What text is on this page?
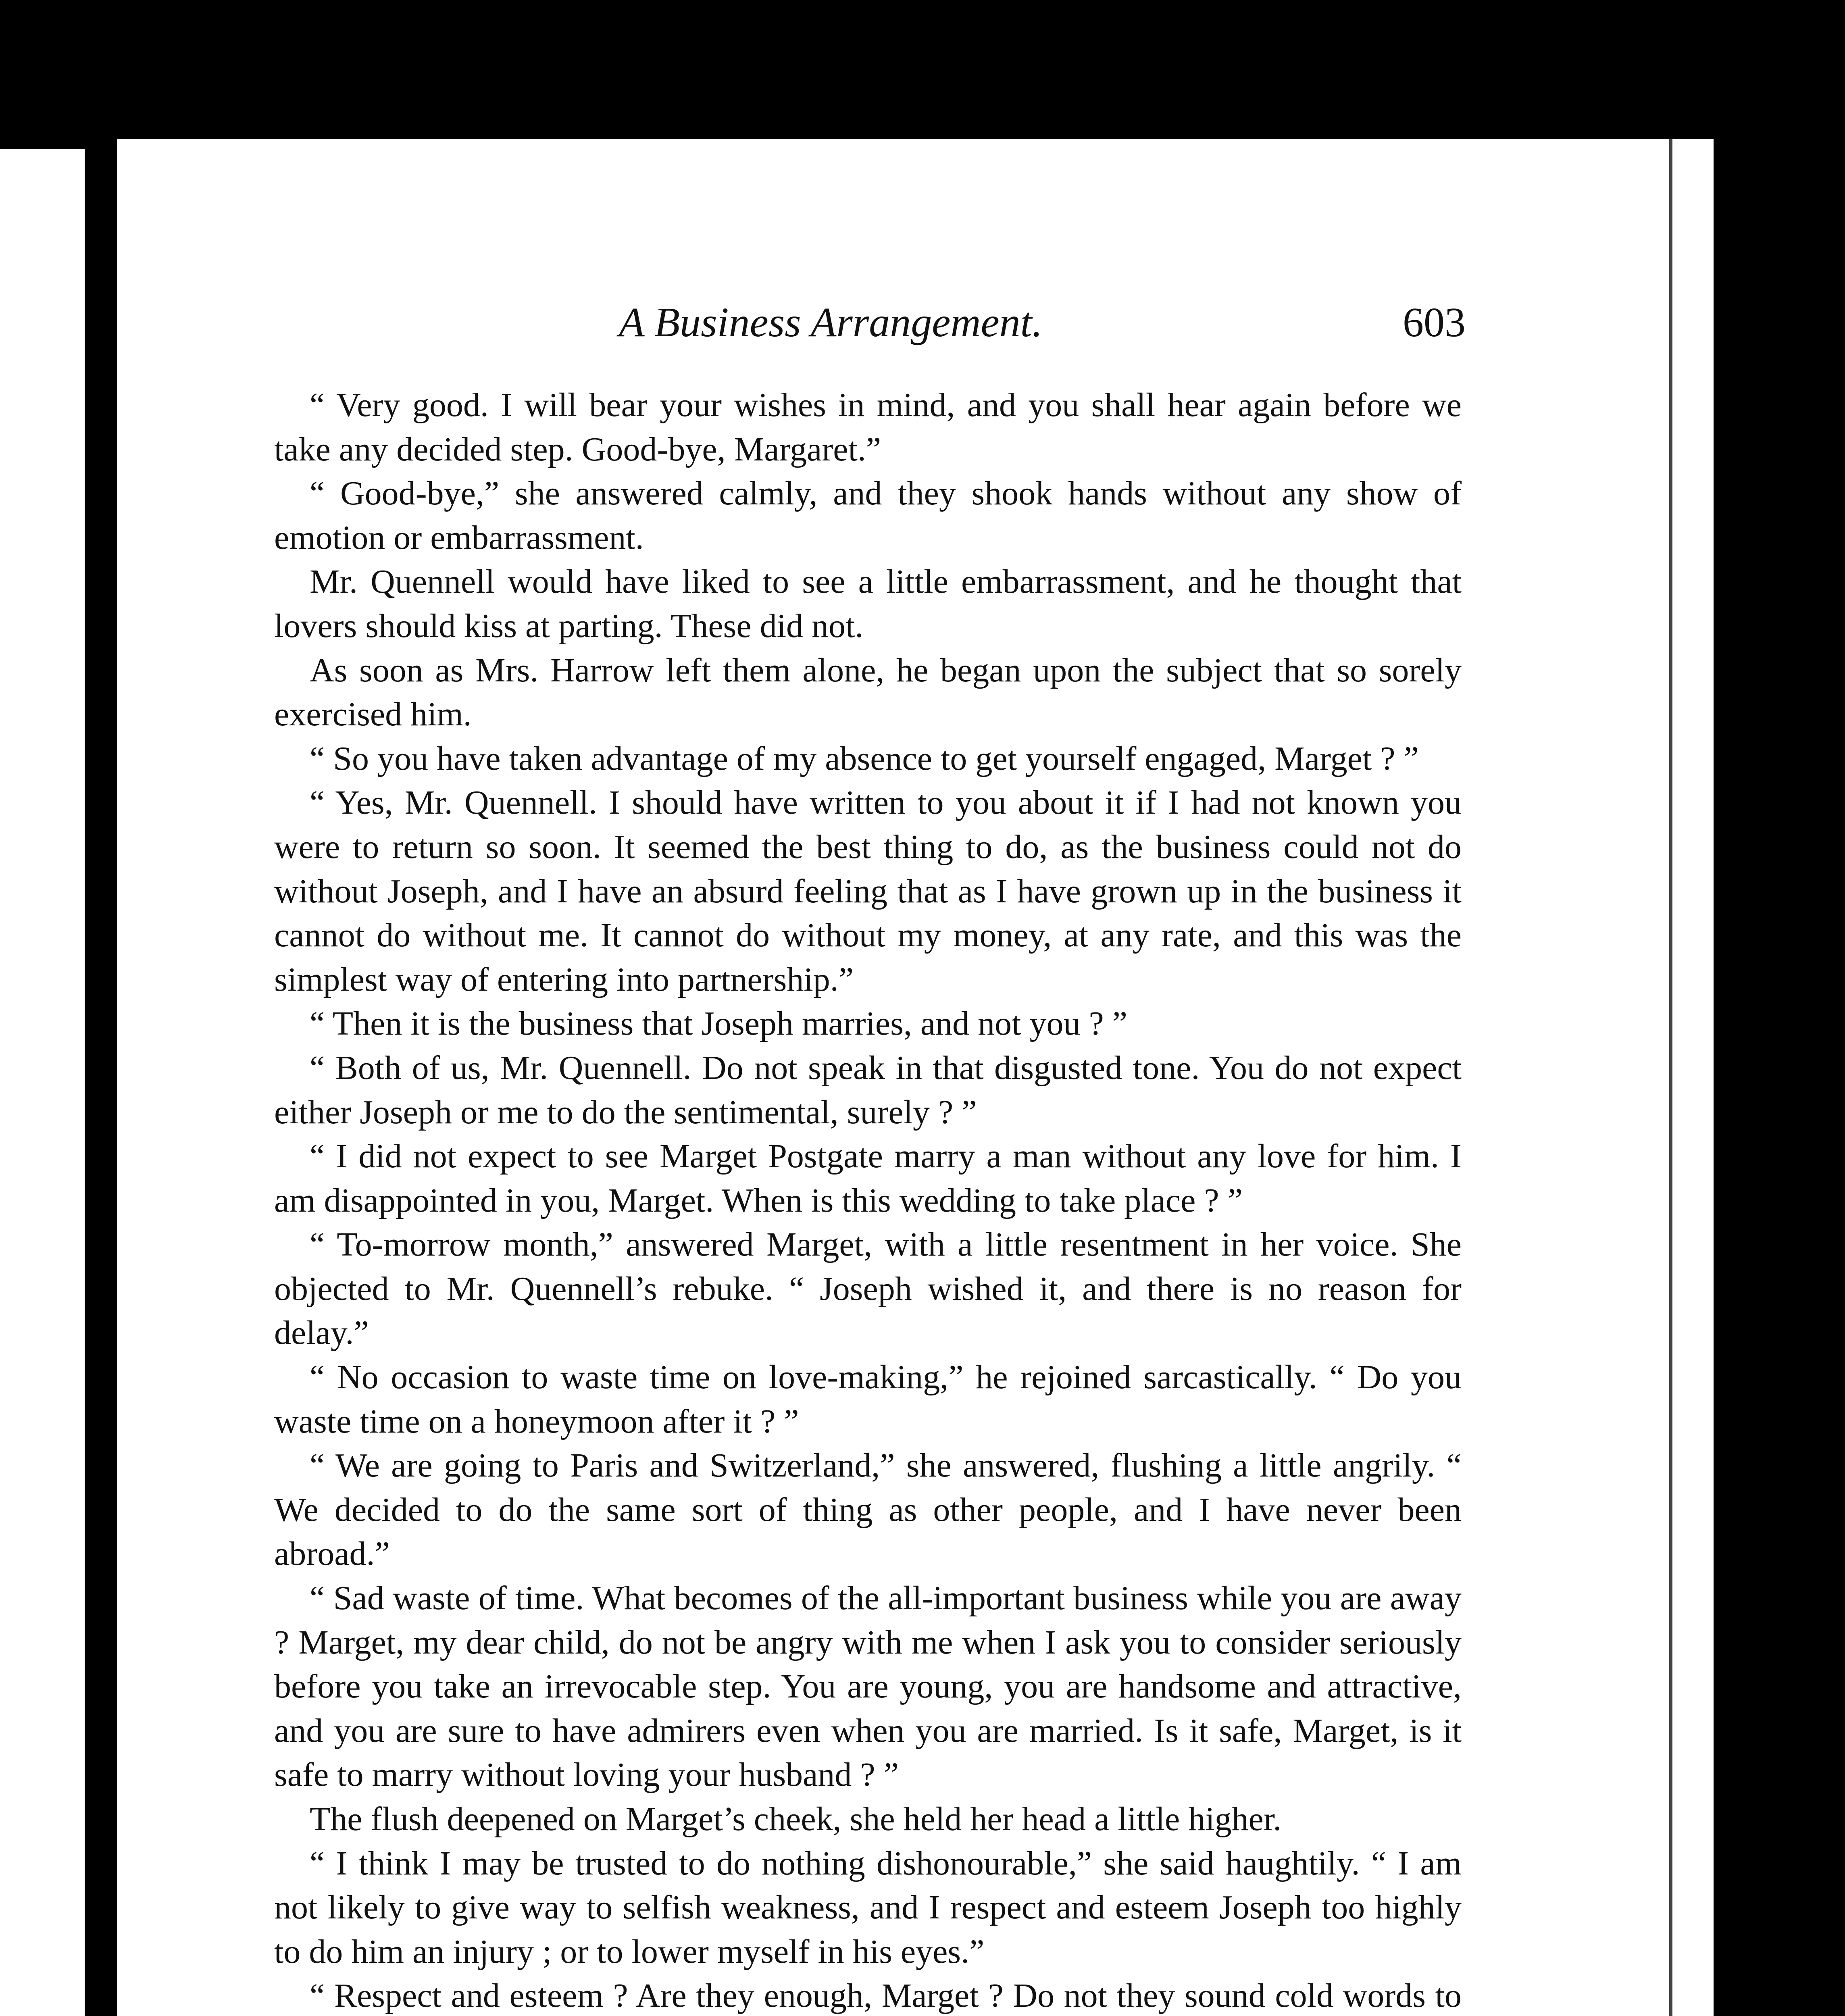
A Business Arrangement.	603

“ Very good. I will bear your wishes in mind, and you shall hear again before we take any decided step. Good-bye, Margaret.”

“ Good-bye,” she answered calmly, and they shook hands without any show of emotion or embarrassment.

Mr. Quennell would have liked to see a little embarrassment, and he thought that lovers should kiss at parting. These did not.

As soon as Mrs. Harrow left them alone, he began upon the subject that so sorely exercised him.

“ So you have taken advantage of my absence to get yourself engaged, Marget ? ”

“ Yes, Mr. Quennell. I should have written to you about it if I had not known you were to return so soon. It seemed the best thing to do, as the business could not do without Joseph, and I have an absurd feeling that as I have grown up in the business it cannot do without me. It cannot do without my money, at any rate, and this was the simplest way of entering into partnership.”

“ Then it is the business that Joseph marries, and not you ? ”

“ Both of us, Mr. Quennell. Do not speak in that disgusted tone. You do not expect either Joseph or me to do the sentimental, surely ? ”

“ I did not expect to see Marget Postgate marry a man without any love for him. I am disappointed in you, Marget. When is this wedding to take place ? ”

“ To-morrow month,” answered Marget, with a little resentment in her voice. She objected to Mr. Quennell’s rebuke. “ Joseph wished it, and there is no reason for delay.”

“ No occasion to waste time on love-making,” he rejoined sarcastically. “ Do you waste time on a honeymoon after it ? ”

“ We are going to Paris and Switzerland,” she answered, flushing a little angrily. “ We decided to do the same sort of thing as other people, and I have never been abroad.”

“ Sad waste of time. What becomes of the all-important business while you are away ? Marget, my dear child, do not be angry with me when I ask you to consider seriously before you take an irrevocable step. You are young, you are handsome and attractive, and you are sure to have admirers even when you are married. Is it safe, Marget, is it safe to marry without loving your husband ? ”

The flush deepened on Marget’s cheek, she held her head a little higher.

“ I think I may be trusted to do nothing dishonourable,” she said haughtily. “ I am not likely to give way to selfish weakness, and I respect and esteem Joseph too highly to do him an injury ; or to lower myself in his eyes.”

“ Respect and esteem ? Are they enough, Marget ? Do not they sound cold words to
